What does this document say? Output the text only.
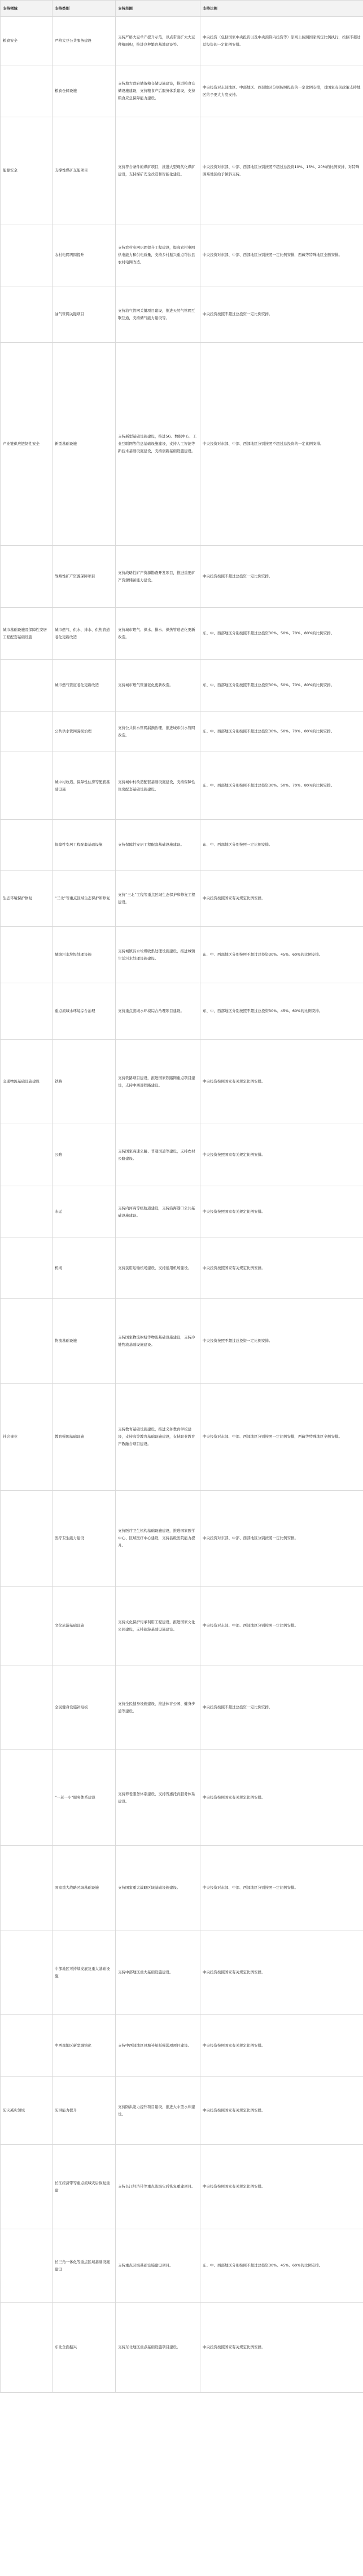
支持领域	支持类别	支持范围	支持比例
粮食安全	严格大豆公共服务建设	支持严格大豆单产提升示范，以点带面扩大大豆种植面积，推进良种繁育基地建设等。	中央投资（包括国家中央投资以及中央预算内投资等）原则上按照国家规定比例执行，按照不超过总投资的一定比例安排。
	粮食仓储设施	支持地方政府储备粮仓储设施建设，推进粮食仓储设施建设，支持粮食产后服务体系建设，支持粮食应急保障能力建设。	中央投资对东部地区、中部地区、西部地区分别按照投资的一定比例安排，对国家有关政策支持地区给予更大力度支持。
能源安全	支撑性煤矿交能项目	支持符合条件的煤矿项目，推进大型现代化煤矿建设，支持煤矿安全改造和智能化建设。	中央投资对东部、中部、西部地区分别按照不超过总投资10%、15%、20%的比例安排，对特殊困难地区给予倾斜支持。
	农村电网巩固提升	支持农村电网巩固提升工程建设，提高农村电网供电能力和供电质量，支持乡村振兴重点帮扶县农村电网改造。	中央投资对东部、中部、西部地区分别按照一定比例安排，西藏等特殊地区全额安排。
	油气管网关键项目	支持油气管网关键项目建设，推进天然气管网互联互通，支持储气能力建设等。	中央投资按照不超过总投资一定比例安排。
产业链供应链韧性安全	新型基础设施	支持新型基础设施建设，推进5G、数据中心、工业互联网等信息基础设施建设，支持人工智能等新技术基础设施建设，支持创新基础设施建设。	中央投资对东部、中部、西部地区分别按照不超过总投资的一定比例安排。
	战略性矿产资源保障项目	支持战略性矿产资源勘查开发项目，推进重要矿产资源储备能力建设。	中央投资按照不超过总投资一定比例安排。
城市基础设施及保障性安居工程配套基础设施	城市燃气、供水、排水、供热管道老化更新改造	支持城市燃气、供水、排水、供热管道老化更新改造。	东、中、西部地区分别按照不超过总投资30%、50%、70%、80%的比例安排。
	城市燃气管道老化更新改造	支持城市燃气管道老化更新改造。	东、中、西部地区分别按照不超过总投资30%、50%、70%、80%的比例安排。
	公共供水管网漏损治理	支持公共供水管网漏损治理，推进城市供水管网改造。	东、中、西部地区分别按照不超过总投资30%、50%、70%、80%的比例安排。
	城中村改造、保障性住房等配套基础设施	支持城中村改造配套基础设施建设，支持保障性住房配套基础设施建设。	东、中、西部地区分别按照不超过总投资30%、50%、70%、80%的比例安排。
	保障性安居工程配套基础设施	支持保障性安居工程配套基础设施建设。	东、中、西部地区分别按照一定比例安排。
生态环境保护修复	“三北”等重点区域生态保护和修复	支持“三北”工程等重点区域生态保护和修复工程建设。	中央投资按照国家有关规定比例安排。
	城镇污水垃圾处理设施	支持城镇污水垃圾收集处理设施建设，推进城镇生活污水处理设施建设。	东、中、西部地区分别按照不超过总投资30%、45%、60%的比例安排。
	重点流域水环境综合治理	支持重点流域水环境综合治理项目建设。	东、中、西部地区分别按照不超过总投资30%、45%、60%的比例安排。
交通物流基础设施建设	铁路	支持铁路项目建设，推进国家铁路网重点项目建设，支持中西部铁路建设。	中央投资按照国家有关规定比例安排。
	公路	支持国家高速公路、普通国道等建设，支持农村公路建设。	中央投资按照国家有关规定比例安排。
	水运	支持内河高等级航道建设，支持沿海港口公共基础设施建设。	中央投资按照国家有关规定比例安排。
	机场	支持民用运输机场建设，支持通用机场建设。	中央投资按照国家有关规定比例安排。
	物流基础设施	支持国家物流枢纽等物流基础设施建设，支持冷链物流基础设施建设。	中央投资按照不超过总投资一定比例安排。
社会事业	教育强国基础设施	支持教育基础设施建设，推进义务教育学校建设，支持高等教育基础设施建设，支持职业教育产教融合项目建设。	中央投资对东部、中部、西部地区分别按照一定比例安排，西藏等特殊地区全额安排。
	医疗卫生能力建设	支持医疗卫生机构基础设施建设，推进国家医学中心、区域医疗中心建设，支持县级医院能力提升。	中央投资对东部、中部、西部地区分别按照一定比例安排。
	文化旅游基础设施	支持文化保护传承利用工程建设，推进国家文化公园建设，支持旅游基础设施建设。	中央投资对东部、中部、西部地区分别按照一定比例安排。
	全民健身设施补短板	支持全民健身设施建设，推进体育公园、健身步道等建设。	中央投资按照不超过总投资一定比例安排。
	“一老一小”服务体系建设	支持养老服务体系建设，支持普惠托育服务体系建设。	中央投资按照国家有关规定比例安排。
	国家重大战略区域基础设施	支持国家重大战略区域基础设施建设。	中央投资对东部、中部、西部地区分别按照一定比例安排。
	中部地区可持续发展及重大基础设施	支持中部地区重大基础设施建设。	中央投资按照国家有关规定比例安排。
	中西部地区新型城镇化	支持中西部地区县城补短板强弱项项目建设。	中央投资按照国家有关规定比例安排。
防灾减灾领域	防洪能力提升	支持防洪能力提升项目建设，推进大中型水库建设。	中央投资按照国家有关规定比例安排。
	长江经济带等重点流域灾后恢复重建	支持长江经济带等重点流域灾后恢复重建项目。	中央投资按照国家有关规定比例安排。
	长三角一体化等重点区域基础设施建设	支持重点区域基础设施建设项目。	东、中、西部地区分别按照不超过总投资30%、45%、60%的比例安排。
	东北全面振兴	支持东北地区重点基础设施项目建设。	中央投资按照国家有关规定比例安排。
